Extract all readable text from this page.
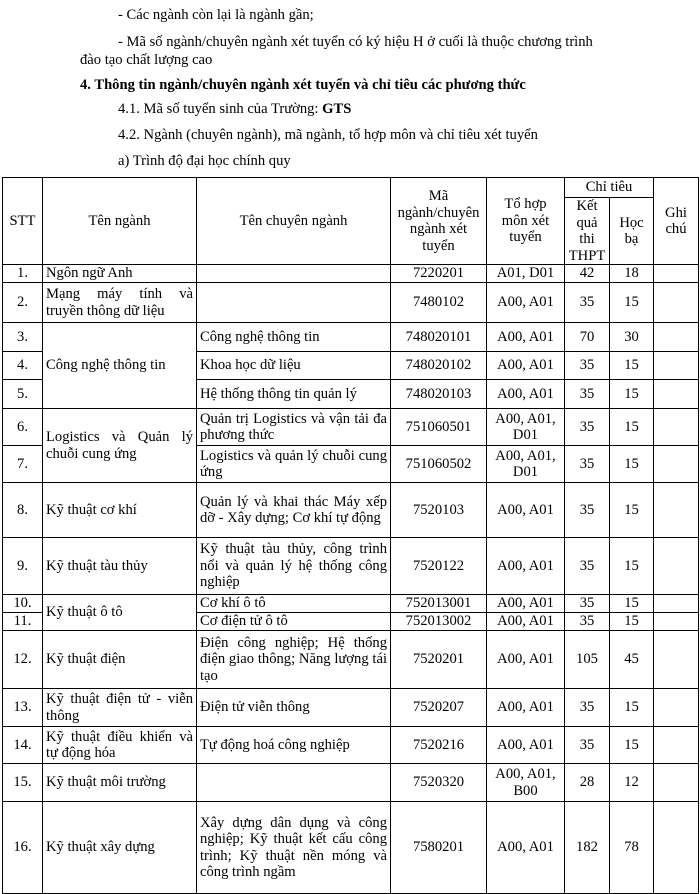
- Các ngành còn lại là ngành gần;
- Mã số ngành/chuyên ngành xét tuyển có ký hiệu H ở cuối là thuộc chương trình
đào tạo chất lượng cao
4. Thông tin ngành/chuyên ngành xét tuyển và chỉ tiêu các phương thức
4.1. Mã số tuyển sinh của Trường: GTS
4.2. Ngành (chuyên ngành), mã ngành, tổ hợp môn và chỉ tiêu xét tuyển
a) Trình độ đại học chính quy
STT	Tên ngành	Tên chuyên ngành	Mã ngành/chuyên ngành xét tuyển	Tổ hợp môn xét tuyển	Chỉ tiêu		Ghi chú
					Kết quả thi THPT	Học bạ	
1.	Ngôn ngữ Anh		7220201	A01, D01	42	18	
2.	Mạng máy tính và truyền thông dữ liệu		7480102	A00, A01	35	15	
3.	Công nghệ thông tin	Công nghệ thông tin	748020101	A00, A01	70	30	
4.		Khoa học dữ liệu	748020102	A00, A01	35	15	
5.		Hệ thống thông tin quản lý	748020103	A00, A01	35	15	
6.	Logistics và Quản lý chuỗi cung ứng	Quản trị Logistics và vận tải đa phương thức	751060501	A00, A01, D01	35	15	
7.		Logistics và quản lý chuỗi cung ứng	751060502	A00, A01, D01	35	15	
8.	Kỹ thuật cơ khí	Quản lý và khai thác Máy xếp dỡ - Xây dựng; Cơ khí tự động	7520103	A00, A01	35	15	
9.	Kỹ thuật tàu thủy	Kỹ thuật tàu thủy, công trình nổi và quản lý hệ thống công nghiệp	7520122	A00, A01	35	15	
10.	Kỹ thuật ô tô	Cơ khí ô tô	752013001	A00, A01	35	15	
11.		Cơ điện tử ô tô	752013002	A00, A01	35	15	
12.	Kỹ thuật điện	Điện công nghiệp; Hệ thống điện giao thông; Năng lượng tái tạo	7520201	A00, A01	105	45	
13.	Kỹ thuật điện tử - viễn thông	Điện tử viễn thông	7520207	A00, A01	35	15	
14.	Kỹ thuật điều khiển và tự động hóa	Tự động hoá công nghiệp	7520216	A00, A01	35	15	
15.	Kỹ thuật môi trường		7520320	A00, A01, B00	28	12	
16.	Kỹ thuật xây dựng	Xây dựng dân dụng và công nghiệp; Kỹ thuật kết cấu công trình; Kỹ thuật nền móng và công trình ngầm	7580201	A00, A01	182	78	
